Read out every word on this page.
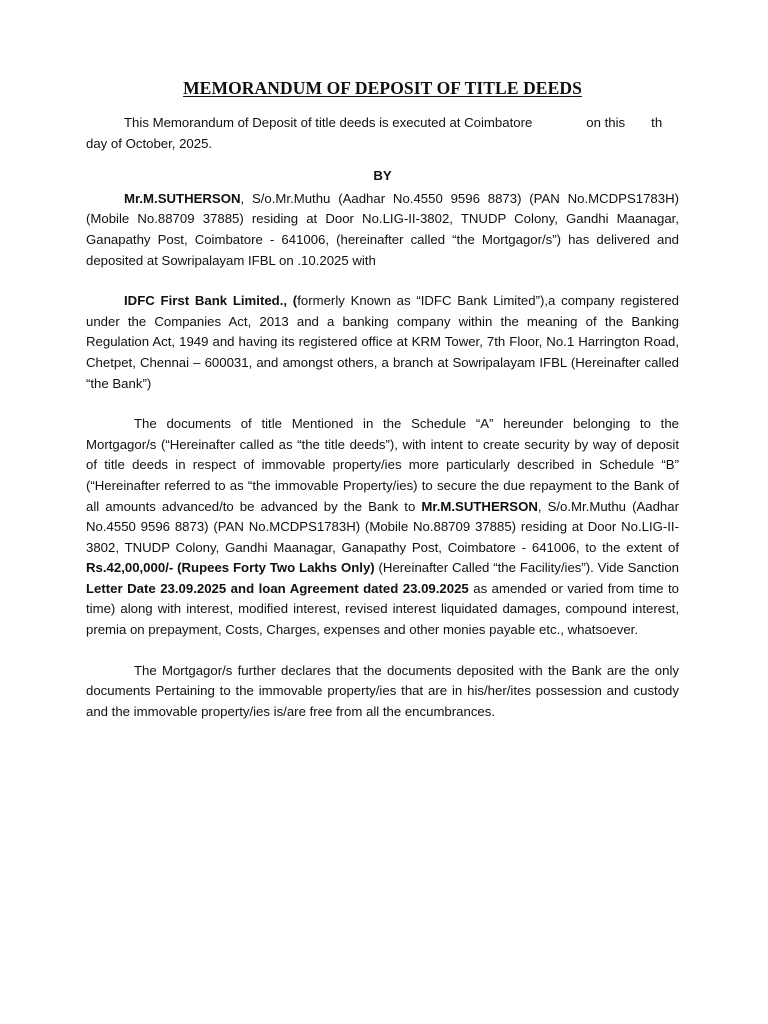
MEMORANDUM OF DEPOSIT OF TITLE DEEDS

This Memorandum of Deposit of title deeds is executed at Coimbatore	on this th

day of October, 2025.

BY

Mr.M.SUTHERSON, S/o.Mr.Muthu (Aadhar No.4550 9596 8873) (PAN No.MCDPS1783H) (Mobile No.88709 37885) residing at Door No.LIG-II-3802, TNUDP Colony, Gandhi Maanagar, Ganapathy Post, Coimbatore - 641006, (hereinafter called “the Mortgagor/s”) has delivered and deposited at Sowripalayam IFBL on .10.2025 with

IDFC First Bank Limited., (formerly Known as “IDFC Bank Limited”),a company registered under the Companies Act, 2013 and a banking company within the meaning of the Banking Regulation Act, 1949 and having its registered office at KRM Tower, 7th Floor, No.1 Harrington Road, Chetpet, Chennai – 600031, and amongst others, a branch at Sowripalayam IFBL (Hereinafter called “the Bank”)

The documents of title Mentioned in the Schedule “A” hereunder belonging to the Mortgagor/s (“Hereinafter called as “the title deeds”), with intent to create security by way of deposit of title deeds in respect of immovable property/ies more particularly described in Schedule “B” (“Hereinafter referred to as “the immovable Property/ies) to secure the due repayment to the Bank of all amounts advanced/to be advanced by the Bank to Mr.M.SUTHERSON, S/o.Mr.Muthu (Aadhar No.4550 9596 8873) (PAN No.MCDPS1783H) (Mobile No.88709 37885) residing at Door No.LIG-II-3802, TNUDP Colony, Gandhi Maanagar, Ganapathy Post, Coimbatore - 641006, to the extent of Rs.42,00,000/- (Rupees Forty Two Lakhs Only) (Hereinafter Called “the Facility/ies”). Vide Sanction Letter Date 23.09.2025 and loan Agreement dated 23.09.2025 as amended or varied from time to time) along with interest, modified interest, revised interest liquidated damages, compound interest, premia on prepayment, Costs, Charges, expenses and other monies payable etc., whatsoever.

The Mortgagor/s further declares that the documents deposited with the Bank are the only documents Pertaining to the immovable property/ies that are in his/her/ites possession and custody and the immovable property/ies is/are free from all the encumbrances.
